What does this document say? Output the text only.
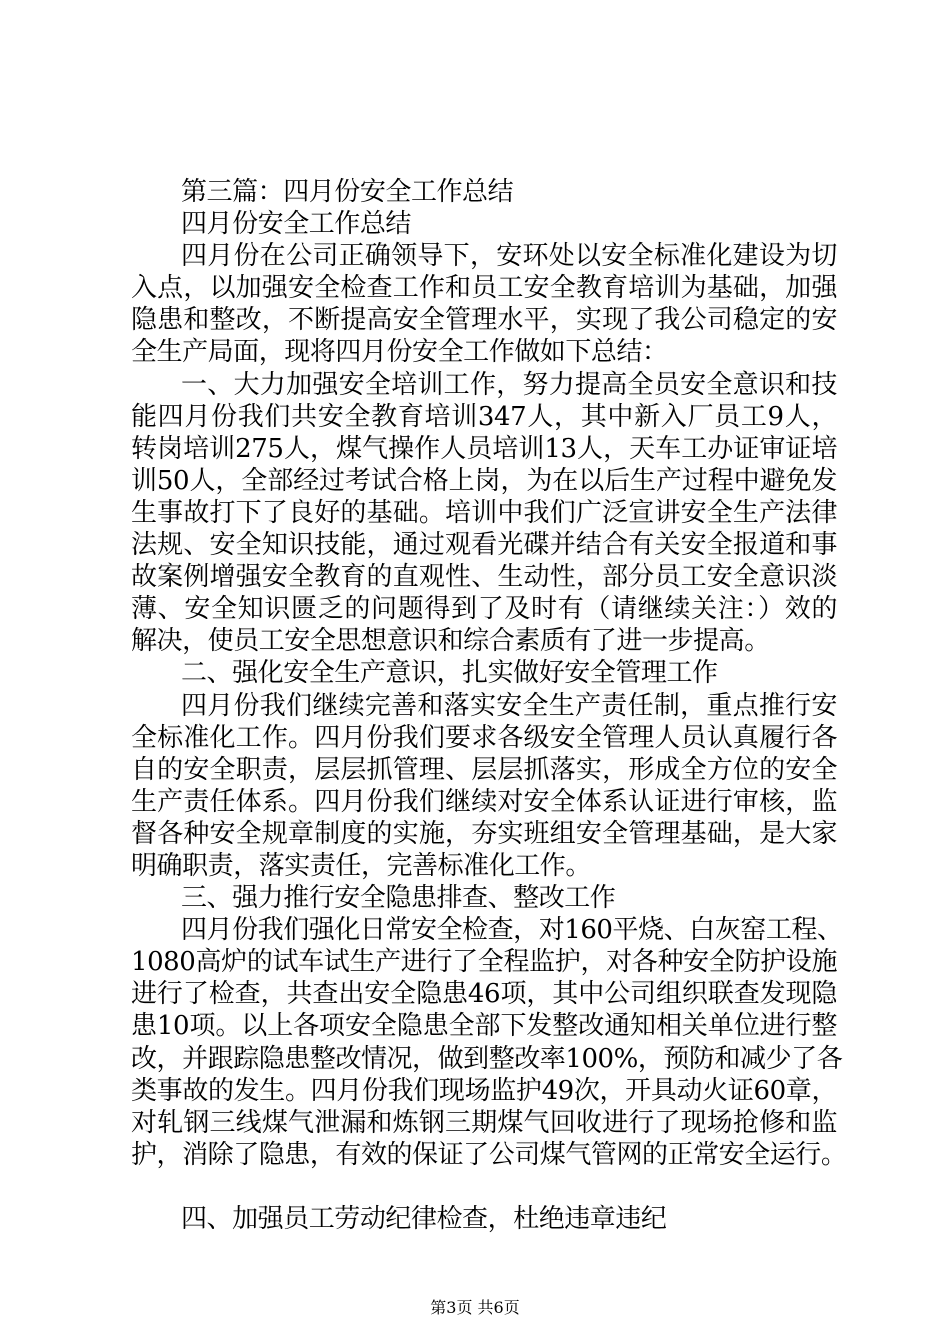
第三篇：四月份安全工作总结

四月份安全工作总结

四月份在公司正确领导下，安环处以安全标准化建设为切

入点，以加强安全检查工作和员工安全教育培训为基础，加强

隐患和整改，不断提高安全管理水平，实现了我公司稳定的安

全生产局面，现将四月份安全工作做如下总结：

一、大力加强安全培训工作，努力提高全员安全意识和技

能四月份我们共安全教育培训347人，其中新入厂员工9人，

转岗培训275人，煤气操作人员培训13人，天车工办证审证培

训50人，全部经过考试合格上岗，为在以后生产过程中避免发

生事故打下了良好的基础。培训中我们广泛宣讲安全生产法律

法规、安全知识技能，通过观看光碟并结合有关安全报道和事

故案例增强安全教育的直观性、生动性，部分员工安全意识淡

薄、安全知识匮乏的问题得到了及时有（请继续关注：）效的

解决，使员工安全思想意识和综合素质有了进一步提高。

二、强化安全生产意识，扎实做好安全管理工作

四月份我们继续完善和落实安全生产责任制，重点推行安

全标准化工作。四月份我们要求各级安全管理人员认真履行各

自的安全职责，层层抓管理、层层抓落实，形成全方位的安全

生产责任体系。四月份我们继续对安全体系认证进行审核，监

督各种安全规章制度的实施，夯实班组安全管理基础，是大家

明确职责，落实责任，完善标准化工作。

三、强力推行安全隐患排查、整改工作

四月份我们强化日常安全检查，对160平烧、白灰窑工程、

1080高炉的试车试生产进行了全程监护，对各种安全防护设施

进行了检查，共查出安全隐患46项，其中公司组织联查发现隐

患10项。以上各项安全隐患全部下发整改通知相关单位进行整

改，并跟踪隐患整改情况，做到整改率100%，预防和减少了各

类事故的发生。四月份我们现场监护49次，开具动火证60章，

对轧钢三线煤气泄漏和炼钢三期煤气回收进行了现场抢修和监

护，消除了隐患，有效的保证了公司煤气管网的正常安全运行。

四、加强员工劳动纪律检查，杜绝违章违纪

第3页 共6页
